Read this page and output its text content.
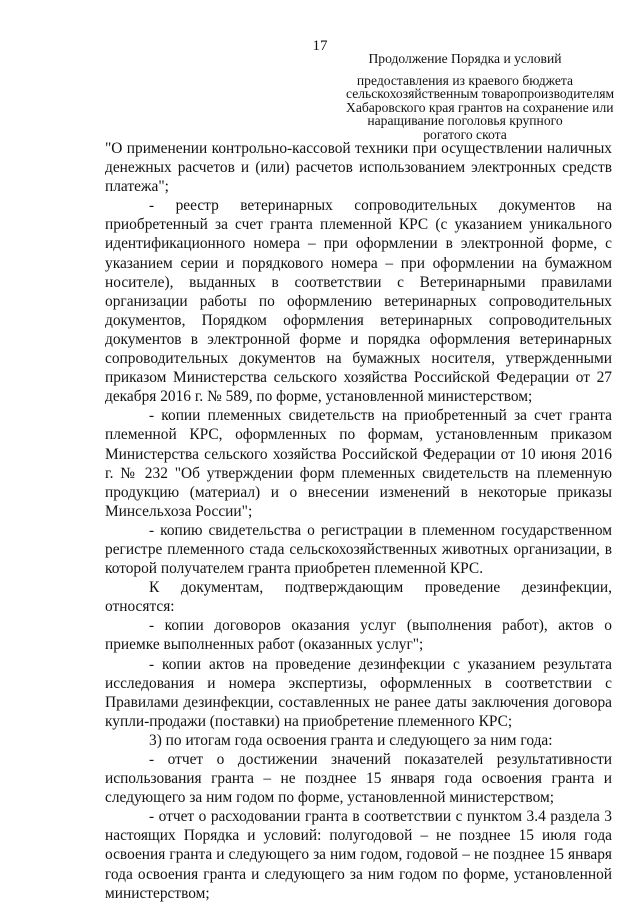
17
Продолжение Порядка и условий
предоставления из краевого бюджета
сельскохозяйственным товаропроизводителям
Хабаровского края грантов на сохранение или
наращивание поголовья крупного
рогатого скота

"О применении контрольно-кассовой техники при осуществлении наличных денежных расчетов и (или) расчетов использованием электронных средств платежа";

- реестр ветеринарных сопроводительных документов на приобретенный за счет гранта племенной КРС (с указанием уникального идентификационного номера – при оформлении в электронной форме, с указанием серии и порядкового номера – при оформлении на бумажном носителе), выданных в соответствии с Ветеринарными правилами организации работы по оформлению ветеринарных сопроводительных документов, Порядком оформления ветеринарных сопроводительных документов в электронной форме и порядка оформления ветеринарных сопроводительных документов на бумажных носителя, утвержденными приказом Министерства сельского хозяйства Российской Федерации от 27 декабря 2016 г. № 589, по форме, установленной министерством;

- копии племенных свидетельств на приобретенный за счет гранта племенной КРС, оформленных по формам, установленным приказом Министерства сельского хозяйства Российской Федерации от 10 июня 2016 г. № 232 "Об утверждении форм племенных свидетельств на племенную продукцию (материал) и о внесении изменений в некоторые приказы Минсельхоза России";

- копию свидетельства о регистрации в племенном государственном регистре племенного стада сельскохозяйственных животных организации, в которой получателем гранта приобретен племенной КРС.

К документам, подтверждающим проведение дезинфекции, относятся:

- копии договоров оказания услуг (выполнения работ), актов о приемке выполненных работ (оказанных услуг";

- копии актов на проведение дезинфекции с указанием результата исследования и номера экспертизы, оформленных в соответствии с Правилами дезинфекции, составленных не ранее даты заключения договора купли-продажи (поставки) на приобретение племенного КРС;

3) по итогам года освоения гранта и следующего за ним года:

- отчет о достижении значений показателей результативности использования гранта – не позднее 15 января года освоения гранта и следующего за ним годом по форме, установленной министерством;

- отчет о расходовании гранта в соответствии с пунктом 3.4 раздела 3 настоящих Порядка и условий: полугодовой – не позднее 15 июля года освоения гранта и следующего за ним годом, годовой – не позднее 15 января года освоения гранта и следующего за ним годом по форме, установленной министерством;
